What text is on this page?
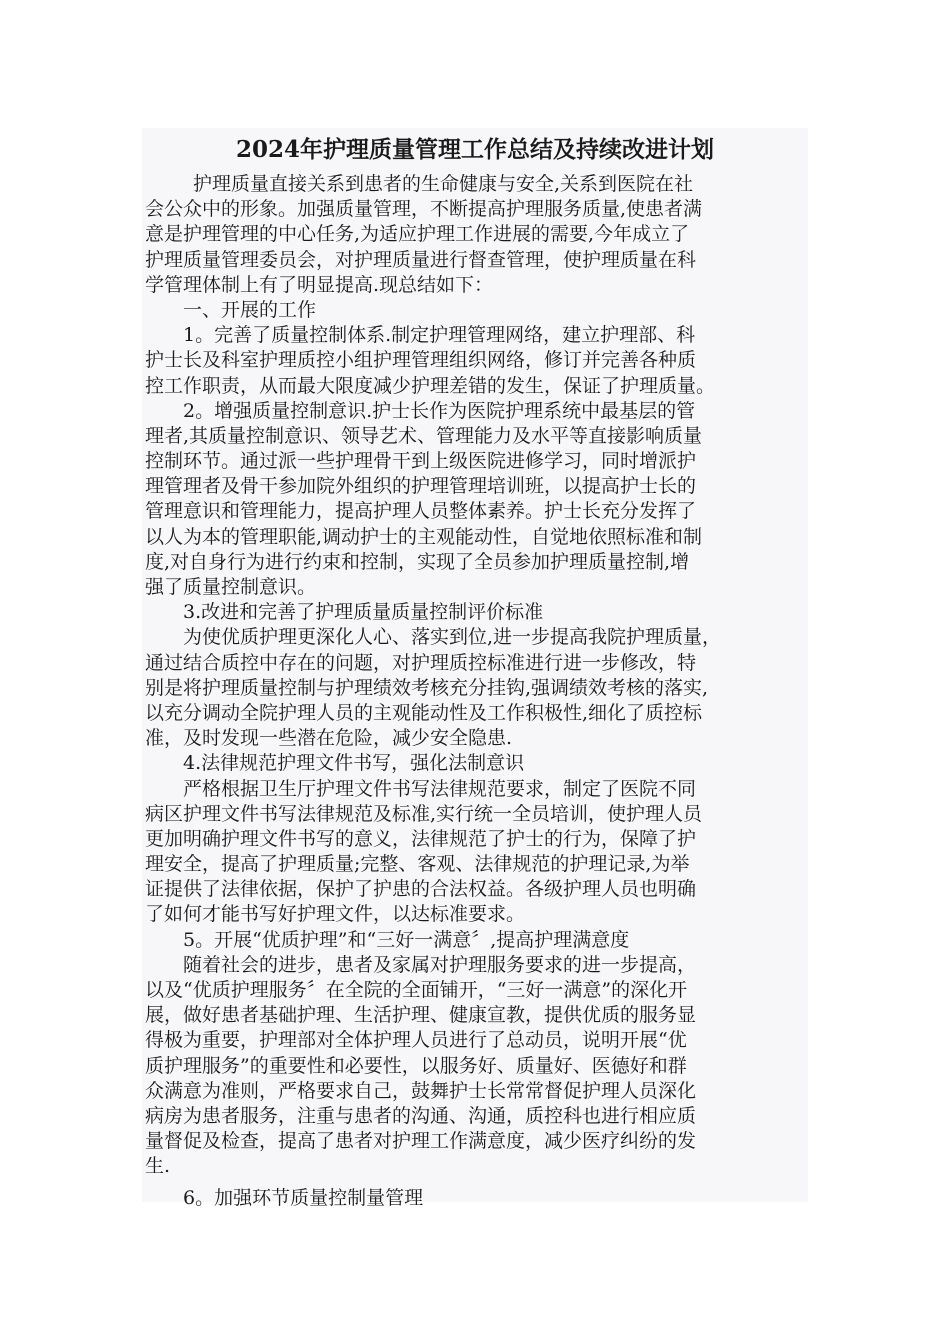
2024年护理质量管理工作总结及持续改进计划
护理质量直接关系到患者的生命健康与安全,关系到医院在社
会公众中的形象。加强质量管理，不断提高护理服务质量,使患者满
意是护理管理的中心任务,为适应护理工作进展的需要,今年成立了
护理质量管理委员会，对护理质量进行督查管理，使护理质量在科
学管理体制上有了明显提高.现总结如下：
一、开展的工作
1。完善了质量控制体系.制定护理管理网络，建立护理部、科
护士长及科室护理质控小组护理管理组织网络，修订并完善各种质
控工作职责，从而最大限度减少护理差错的发生，保证了护理质量。
2。增强质量控制意识.护士长作为医院护理系统中最基层的管
理者,其质量控制意识、领导艺术、管理能力及水平等直接影响质量
控制环节。通过派一些护理骨干到上级医院进修学习，同时增派护
理管理者及骨干参加院外组织的护理管理培训班，以提高护士长的
管理意识和管理能力，提高护理人员整体素养。护士长充分发挥了
以人为本的管理职能,调动护士的主观能动性，自觉地依照标准和制
度,对自身行为进行约束和控制，实现了全员参加护理质量控制,增
强了质量控制意识。
3.改进和完善了护理质量质量控制评价标准
为使优质护理更深化人心、落实到位,进一步提高我院护理质量，
通过结合质控中存在的问题，对护理质控标准进行进一步修改，特
别是将护理质量控制与护理绩效考核充分挂钩,强调绩效考核的落实,
以充分调动全院护理人员的主观能动性及工作积极性,细化了质控标
准，及时发现一些潜在危险，减少安全隐患.
4.法律规范护理文件书写，强化法制意识
严格根据卫生厅护理文件书写法律规范要求，制定了医院不同
病区护理文件书写法律规范及标准,实行统一全员培训，使护理人员
更加明确护理文件书写的意义，法律规范了护士的行为，保障了护
理安全，提高了护理质量;完整、客观、法律规范的护理记录,为举
证提供了法律依据，保护了护患的合法权益。各级护理人员也明确
了如何才能书写好护理文件，以达标准要求。
5。开展“优质护理”和“三好一满意〞,提高护理满意度
随着社会的进步，患者及家属对护理服务要求的进一步提高，
以及“优质护理服务〞在全院的全面铺开，“三好一满意”的深化开
展，做好患者基础护理、生活护理、健康宣教，提供优质的服务显
得极为重要，护理部对全体护理人员进行了总动员，说明开展“优
质护理服务”的重要性和必要性，以服务好、质量好、医德好和群
众满意为准则，严格要求自己，鼓舞护士长常常督促护理人员深化
病房为患者服务，注重与患者的沟通、沟通，质控科也进行相应质
量督促及检查，提高了患者对护理工作满意度，减少医疗纠纷的发
生.
6。加强环节质量控制量管理
